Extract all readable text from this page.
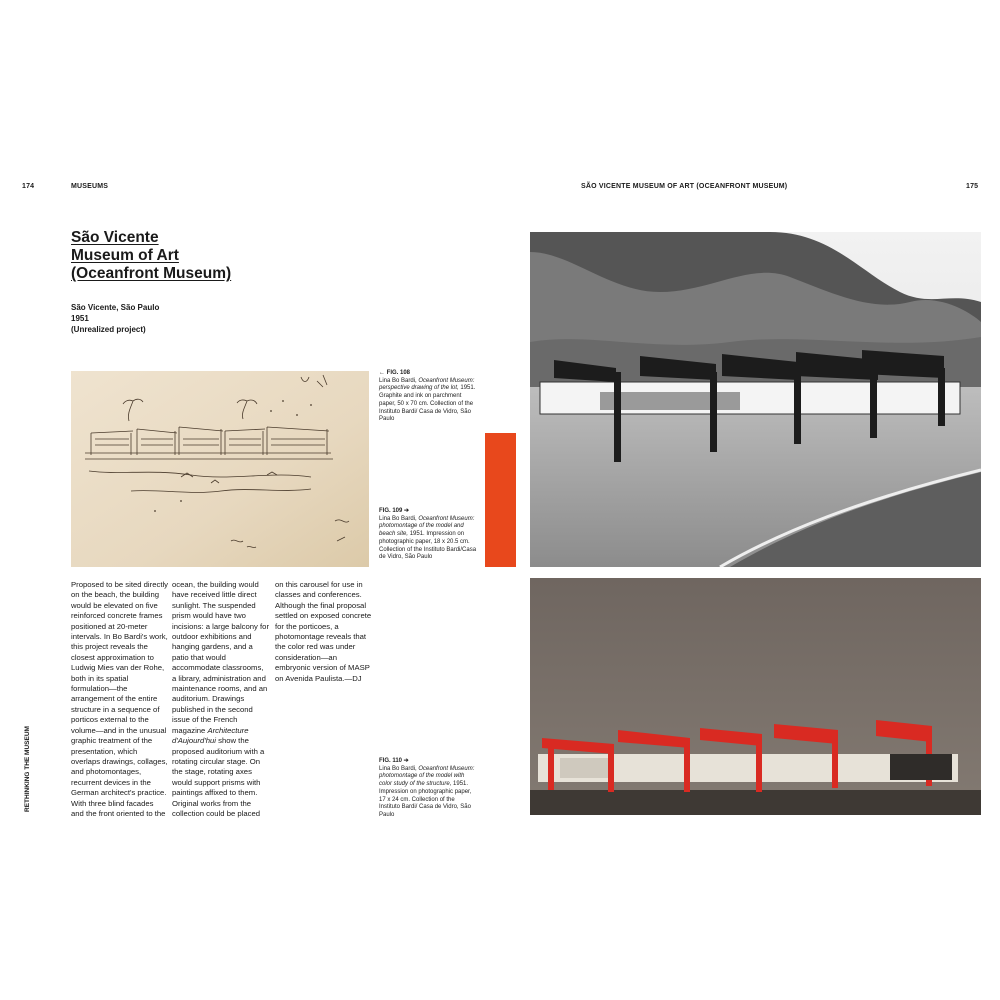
174	MUSEUMS	SÃO VICENTE MUSEUM OF ART (OCEANFRONT MUSEUM)	175
RETHINKING THE MUSEUM
São Vicente
Museum of Art
(Oceanfront Museum)
São Vicente, São Paulo
1951
(Unrealized project)
← FIG. 108
Lina Bo Bardi, Oceanfront Museum: perspective drawing of the lot, 1951. Graphite and ink on parchment paper, 50 x 70 cm. Collection of the Instituto Bardi/ Casa de Vidro, São Paulo
FIG. 109 ➔
Lina Bo Bardi, Oceanfront Museum: photomontage of the model and beach site, 1951. Impression on photographic paper, 18 x 20.5 cm. Collection of the Instituto Bardi/Casa de Vidro, São Paulo
FIG. 110 ➔
Lina Bo Bardi, Oceanfront Museum: photomontage of the model with color study of the structure, 1951. Impression on photographic paper, 17 x 24 cm. Collection of the Instituto Bardi/ Casa de Vidro, São Paulo

Proposed to be sited directly on the beach, the building would be elevated on five reinforced concrete frames positioned at 20-meter intervals. In Bo Bardi's work, this project reveals the closest approximation to Ludwig Mies van der Rohe, both in its spatial formulation—the arrangement of the entire structure in a sequence of porticos external to the volume—and in the unusual graphic treatment of the presentation, which overlaps drawings, collages, and photomontages, recurrent devices in the German architect's practice. With three blind facades and the front oriented to the

ocean, the building would have received little direct sunlight. The suspended prism would have two incisions: a large balcony for outdoor exhibitions and hanging gardens, and a patio that would accommodate classrooms, a library, administration and maintenance rooms, and an auditorium. Drawings published in the second issue of the French magazine Architecture d'Aujourd'hui show the proposed auditorium with a rotating circular stage. On the stage, rotating axes would support prisms with paintings affixed to them. Original works from the collection could be placed

on this carousel for use in classes and conferences. Although the final proposal settled on exposed concrete for the porticoes, a photomontage reveals that the color red was under consideration—an embryonic version of MASP on Avenida Paulista.—DJ
